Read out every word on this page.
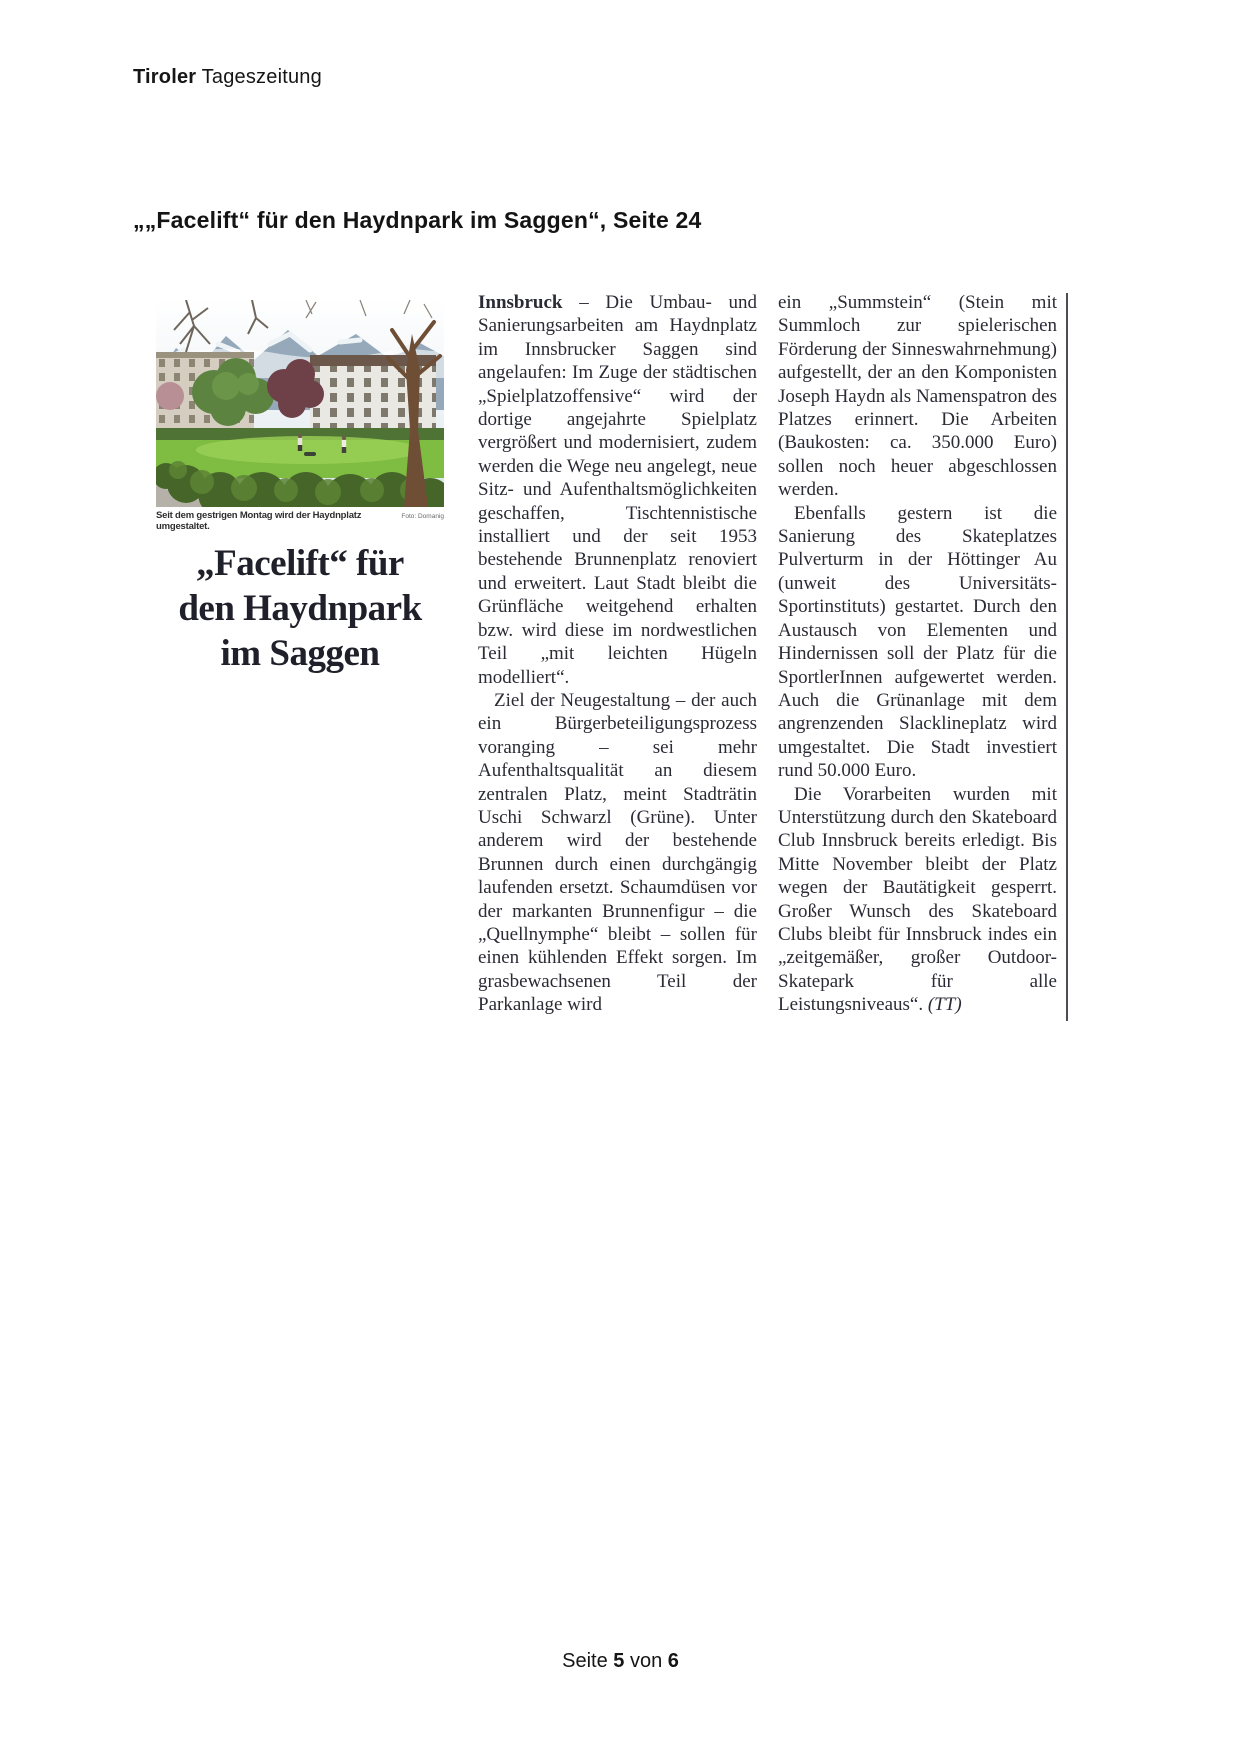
Tiroler Tageszeitung
„„Facelift“ für den Haydnpark im Saggen“, Seite 24
Seit dem gestrigen Montag wird der Haydnplatz umgestaltet.
Foto: Domanig
„Facelift“ für
den Haydnpark
im Saggen

Innsbruck – Die Umbau- und Sanierungsarbeiten am Haydnplatz im Innsbrucker Saggen sind angelaufen: Im Zuge der städtischen „Spielplatzoffensive“ wird der dortige angejahrte Spielplatz vergrößert und modernisiert, zudem werden die Wege neu angelegt, neue Sitz- und Aufenthaltsmöglichkeiten geschaffen, Tischtennistische installiert und der seit 1953 bestehende Brunnenplatz renoviert und erweitert. Laut Stadt bleibt die Grünfläche weitgehend erhalten bzw. wird diese im nordwestlichen Teil „mit leichten Hügeln modelliert“.

Ziel der Neugestaltung – der auch ein Bürgerbeteiligungsprozess voranging – sei mehr Aufenthaltsqualität an diesem zentralen Platz, meint Stadträtin Uschi Schwarzl (Grüne). Unter anderem wird der bestehende Brunnen durch einen durchgängig laufenden ersetzt. Schaumdüsen vor der markanten Brunnenfigur – die „Quellnymphe“ bleibt – sollen für einen kühlenden Effekt sorgen. Im grasbewachsenen Teil der Parkanlage wird

ein „Summstein“ (Stein mit Summloch zur spielerischen Förderung der Sinneswahrnehmung) aufgestellt, der an den Komponisten Joseph Haydn als Namenspatron des Platzes erinnert. Die Arbeiten (Baukosten: ca. 350.000 Euro) sollen noch heuer abgeschlossen werden.

Ebenfalls gestern ist die Sanierung des Skateplatzes Pulverturm in der Höttinger Au (unweit des Universitäts-Sportinstituts) gestartet. Durch den Austausch von Elementen und Hindernissen soll der Platz für die SportlerInnen aufgewertet werden. Auch die Grünanlage mit dem angrenzenden Slacklineplatz wird umgestaltet. Die Stadt investiert rund 50.000 Euro.

Die Vorarbeiten wurden mit Unterstützung durch den Skateboard Club Innsbruck bereits erledigt. Bis Mitte November bleibt der Platz wegen der Bautätigkeit gesperrt. Großer Wunsch des Skateboard Clubs bleibt für Innsbruck indes ein „zeitgemäßer, großer Outdoor-Skatepark für alle Leistungsniveaus“. (TT)

Seite 5 von 6
